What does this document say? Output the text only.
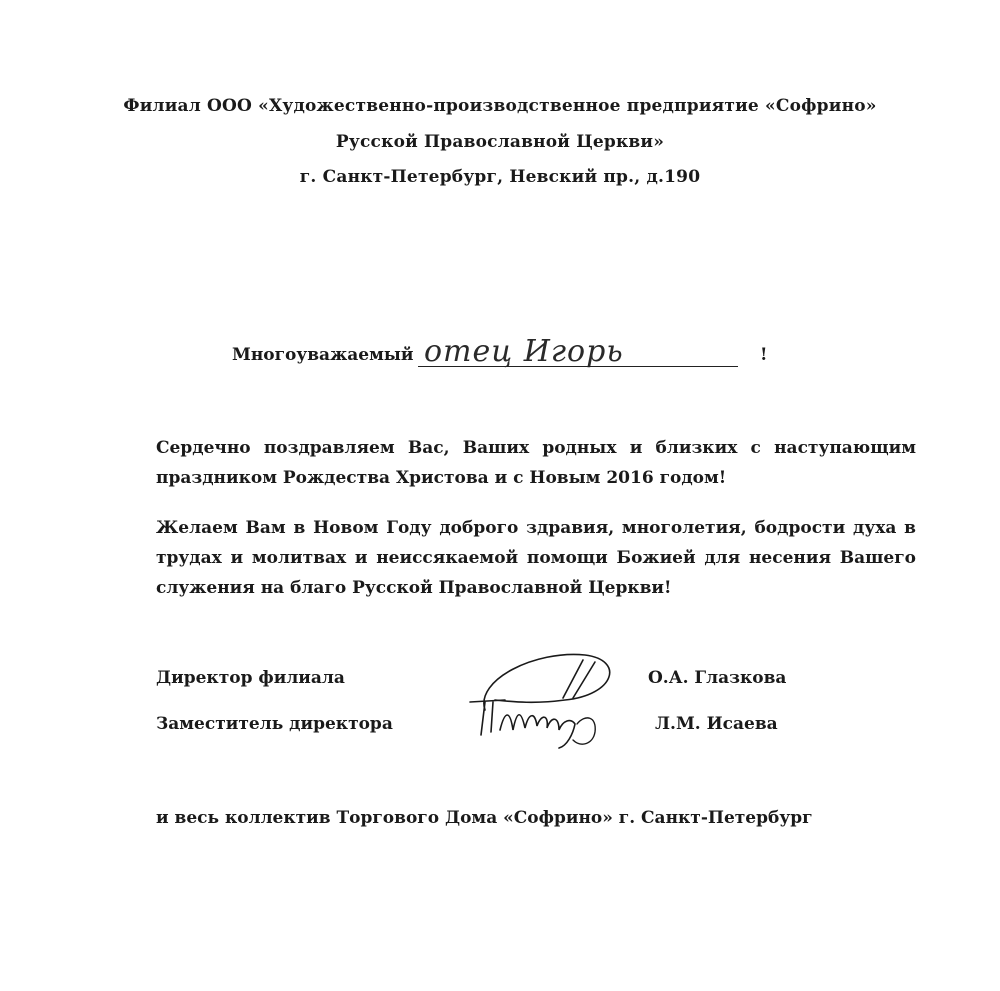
Филиал ООО «Художественно-производственное предприятие «Софрино»
Русской Православной Церкви»
г. Санкт-Петербург, Невский пр., д.190
Многоуважаемый отец Игорь	!
Сердечно поздравляем Вас, Ваших родных и близких с наступающим праздником Рождества Христова и с Новым 2016 годом!
Желаем Вам в Новом Году доброго здравия, многолетия, бодрости духа в трудах и молитвах и неиссякаемой помощи Божией для несения Вашего служения на благо Русской Православной Церкви!
Директор филиала	О.А. Глазкова
Заместитель директора	Л.М. Исаева
и весь коллектив Торгового Дома «Софрино» г. Санкт-Петербург
